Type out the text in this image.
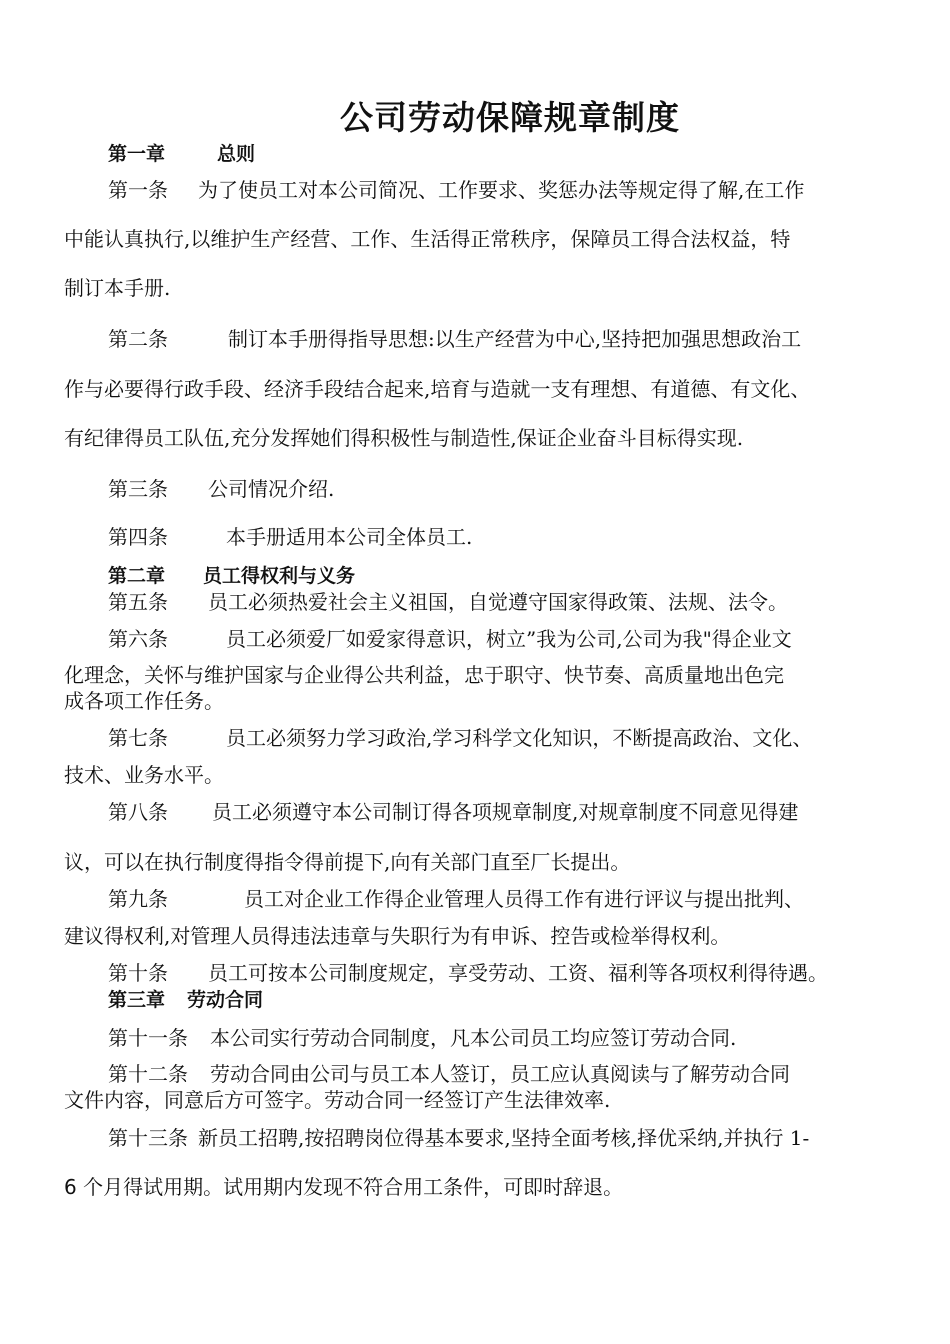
公司劳动保障规章制度
第一章	总则
第一条 为了使员工对本公司简况、工作要求、奖惩办法等规定得了解,在工作
中能认真执行,以维护生产经营、工作、生活得正常秩序，保障员工得合法权益，特
制订本手册.
第二条	制订本手册得指导思想:以生产经营为中心,坚持把加强思想政治工
作与必要得行政手段、经济手段结合起来,培育与造就一支有理想、有道德、有文化、
有纪律得员工队伍,充分发挥她们得积极性与制造性,保证企业奋斗目标得实现.
第三条 公司情况介绍.
第四条	本手册适用本公司全体员工.
第二章 员工得权利与义务
第五条 员工必须热爱社会主义祖国，自觉遵守国家得政策、法规、法令。
第六条	员工必须爱厂如爱家得意识，树立”我为公司,公司为我"得企业文
化理念，关怀与维护国家与企业得公共利益，忠于职守、快节奏、高质量地出色完
成各项工作任务。
第七条	员工必须努力学习政治,学习科学文化知识，不断提高政治、文化、
技术、业务水平。
第八条 员工必须遵守本公司制订得各项规章制度,对规章制度不同意见得建
议，可以在执行制度得指令得前提下,向有关部门直至厂长提出。
第九条	员工对企业工作得企业管理人员得工作有进行评议与提出批判、
建议得权利,对管理人员得违法违章与失职行为有申诉、控告或检举得权利。
第十条 员工可按本公司制度规定，享受劳动、工资、福利等各项权利得待遇。
第三章 劳动合同
第十一条 本公司实行劳动合同制度，凡本公司员工均应签订劳动合同.
第十二条 劳动合同由公司与员工本人签订，员工应认真阅读与了解劳动合同
文件内容，同意后方可签字。劳动合同一经签订产生法律效率.
第十三条 新员工招聘,按招聘岗位得基本要求,坚持全面考核,择优采纳,并执行 1-
6 个月得试用期。试用期内发现不符合用工条件，可即时辞退。
